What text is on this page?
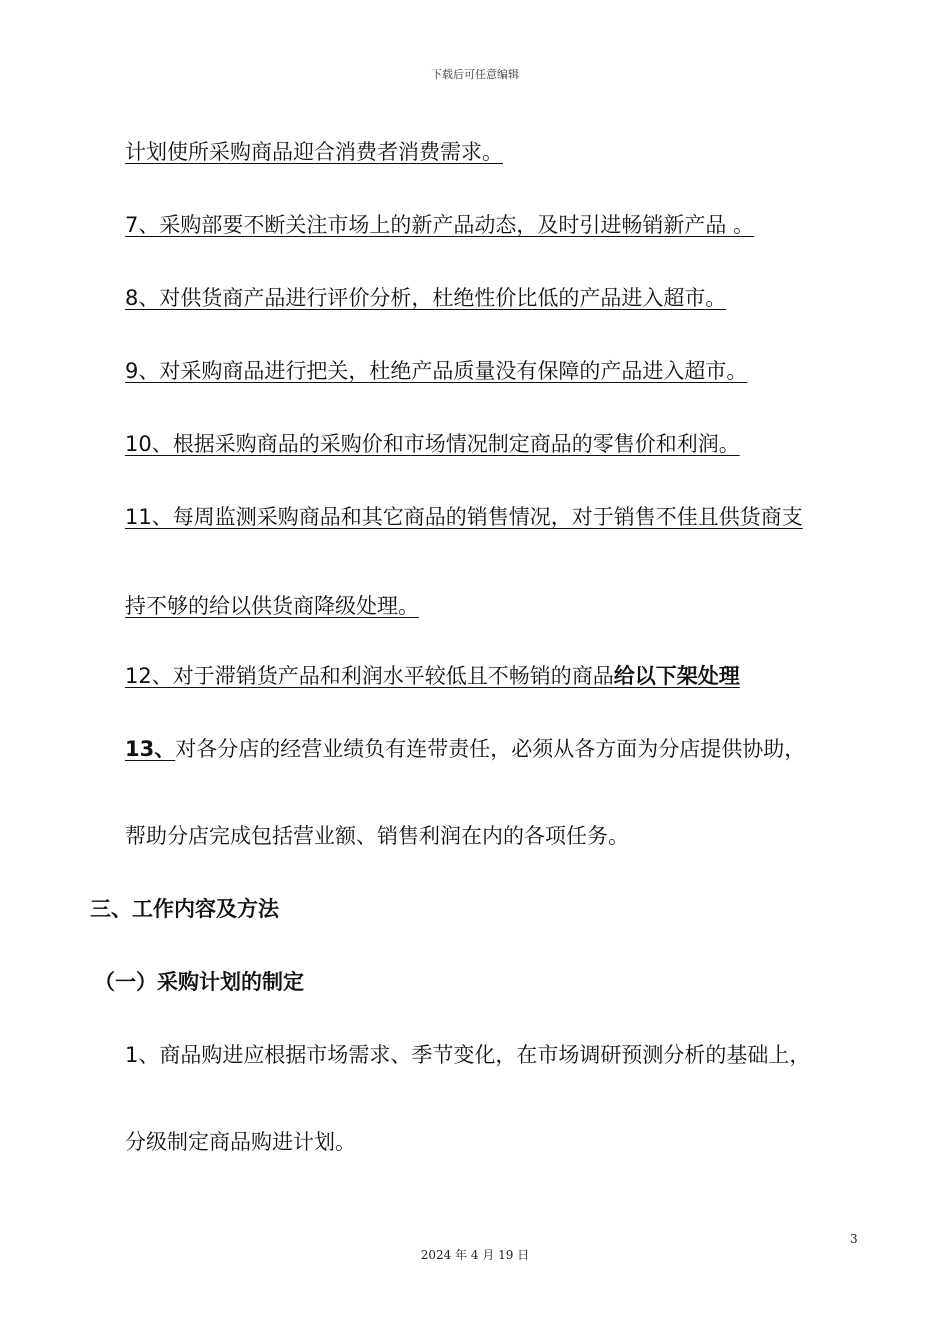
下载后可任意编辑
计划使所采购商品迎合消费者消费需求。
7、采购部要不断关注市场上的新产品动态，及时引进畅销新产品 。
8、对供货商产品进行评价分析，杜绝性价比低的产品进入超市。
9、对采购商品进行把关，杜绝产品质量没有保障的产品进入超市。
10、根据采购商品的采购价和市场情况制定商品的零售价和利润。
11、每周监测采购商品和其它商品的销售情况，对于销售不佳且供货商支
持不够的给以供货商降级处理。
12、对于滞销货产品和利润水平较低且不畅销的商品给以下架处理
13、对各分店的经营业绩负有连带责任，必须从各方面为分店提供协助，
帮助分店完成包括营业额、销售利润在内的各项任务。
三、工作内容及方法
（一）采购计划的制定
1、商品购进应根据市场需求、季节变化，在市场调研预测分析的基础上，
分级制定商品购进计划。
3
2024 年 4 月 19 日
